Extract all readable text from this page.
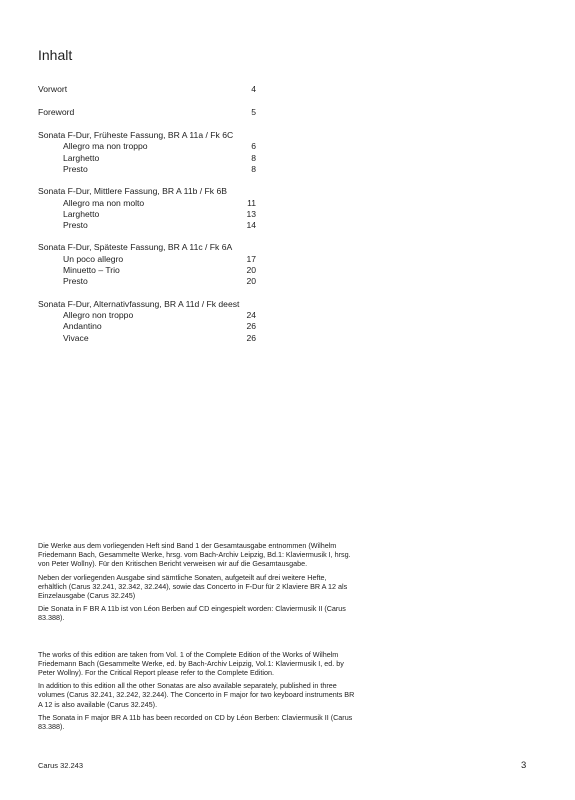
Inhalt
Vorwort	4
Foreword	5
Sonata F-Dur, Früheste Fassung, BR A 11a / Fk 6C
Allegro ma non troppo	6
Larghetto	8
Presto	8
Sonata F-Dur, Mittlere Fassung, BR A 11b / Fk 6B
Allegro ma non molto	11
Larghetto	13
Presto	14
Sonata F-Dur, Späteste Fassung, BR A 11c / Fk 6A
Un poco allegro	17
Minuetto – Trio	20
Presto	20
Sonata F-Dur, Alternativfassung, BR A 11d / Fk deest
Allegro non troppo	24
Andantino	26
Vivace	26

Die Werke aus dem vorliegenden Heft sind Band 1 der Gesamtausgabe entnommen (Wilhelm Friedemann Bach, Gesammelte Werke, hrsg. vom Bach-Archiv Leipzig, Bd.1: Klaviermusik I, hrsg. von Peter Wollny). Für den Kritischen Bericht verweisen wir auf die Gesamtausgabe.

Neben der vorliegenden Ausgabe sind sämtliche Sonaten, aufgeteilt auf drei weitere Hefte, erhältlich (Carus 32.241, 32.342, 32.244), sowie das Concerto in F-Dur für 2 Klaviere BR A 12 als Einzelausgabe (Carus 32.245)

Die Sonata in F BR A 11b ist von Léon Berben auf CD eingespielt worden: Claviermusik II (Carus 83.388).

The works of this edition are taken from Vol. 1 of the Complete Edition of the Works of Wilhelm Friedemann Bach (Gesammelte Werke, ed. by Bach-Archiv Leipzig, Vol.1: Klaviermusik I, ed. by Peter Wollny). For the Critical Report please refer to the Complete Edition.

In addition to this edition all the other Sonatas are also available separately, published in three volumes (Carus 32.241, 32.242, 32.244). The Concerto in F major for two keyboard instruments BR A 12 is also available (Carus 32.245).

The Sonata in F major BR A 11b has been recorded on CD by Léon Berben: Claviermusik II (Carus 83.388).

Carus 32.243	3
